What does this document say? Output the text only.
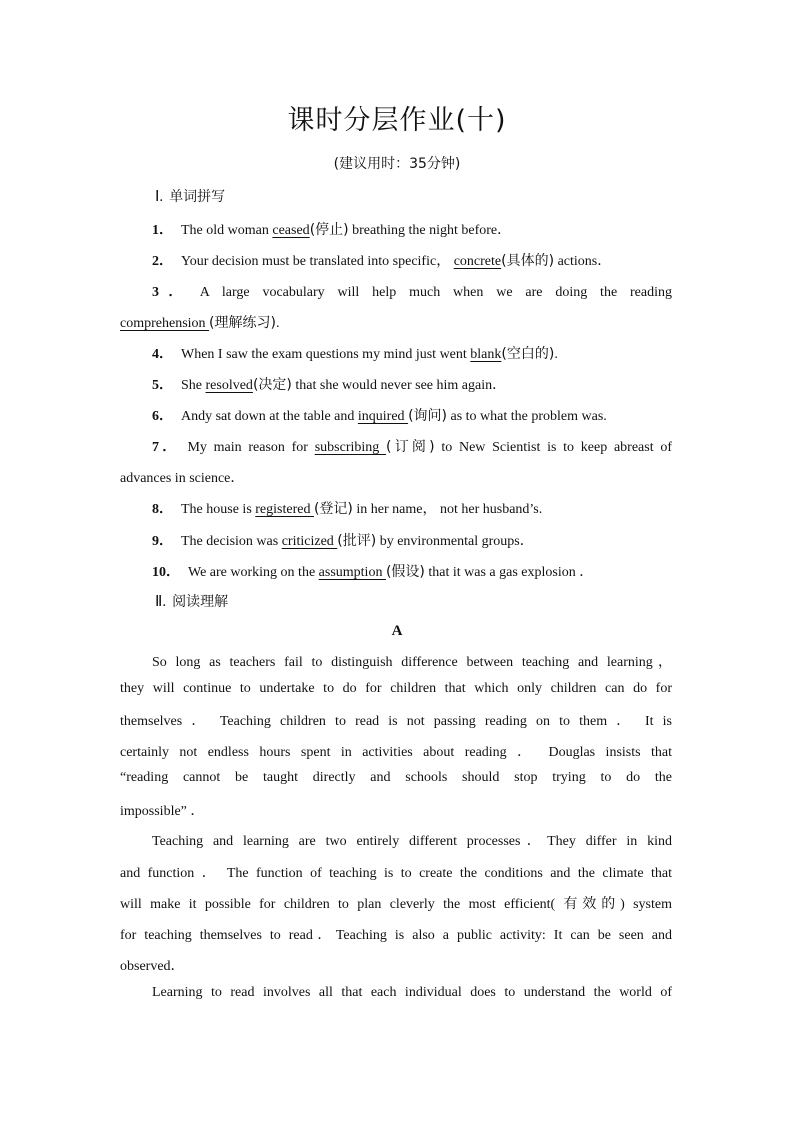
课时分层作业(十)
(建议用时：35分钟)
Ⅰ. 单词拼写
1． The old woman ceased(停止) breathing the night before．
2． Your decision must be translated into specific， concrete(具体的) actions．
3． A large vocabulary will help much when we are doing the reading
comprehension (理解练习).
4． When I saw the exam questions my mind just went blank(空白的).
5． She resolved(决定) that she would never see him again．
6． Andy sat down at the table and inquired (询问) as to what the problem was.
7． My main reason for subscribing (订阅) to New Scientist is to keep abreast of
advances in science．
8． The house is registered (登记) in her name， not her husband’s.
9． The decision was criticized (批评) by environmental groups．
10． We are working on the assumption (假设) that it was a gas explosion ．
Ⅱ. 阅读理解
A
So long as teachers fail to distinguish difference between teaching and learning，
they will continue to undertake to do for children that which only children can do for
themselves ． Teaching children to read is not passing reading on to them ． It is
certainly not endless hours spent in activities about reading ． Douglas insists that
“reading cannot be taught directly and schools should stop trying to do the
impossible” ．
Teaching and learning are two entirely different processes．They differ in kind
and function ． The function of teaching is to create the conditions and the climate that
will make it possible for children to plan cleverly the most efficient( 有效的) system
for teaching themselves to read．Teaching is also a public activity: It can be seen and
observed．
Learning to read involves all that each individual does to understand the world of
